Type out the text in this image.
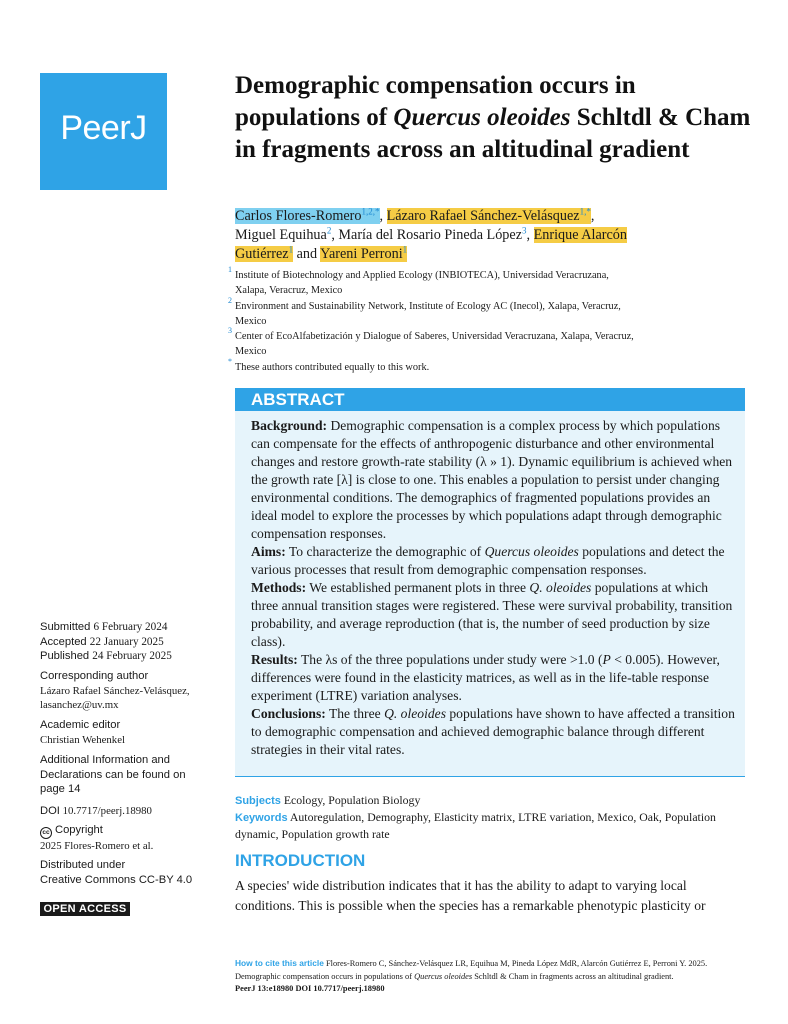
PeerJ
Demographic compensation occurs in populations of Quercus oleoides Schltdl & Cham in fragments across an altitudinal gradient
Carlos Flores-Romero$^{1,2,*}$, Lázaro Rafael Sánchez-Velásquez$^{1,*}$,
Miguel Equihua$^2$, María del Rosario Pineda López$^3$, Enrique Alarcón
Gutiérrez$^1$ and Yareni Perroni$^1$
1
Institute of Biotechnology and Applied Ecology (INBIOTECA), Universidad Veracruzana,
Xalapa, Veracruz, Mexico
2
Environment and Sustainability Network, Institute of Ecology AC (Inecol), Xalapa, Veracruz,
Mexico
3
Center of EcoAlfabetización y Dialogue of Saberes, Universidad Veracruzana, Xalapa, Veracruz,
Mexico
*
These authors contributed equally to this work.
ABSTRACT
Background: Demographic compensation is a complex process by which populations can compensate for the effects of anthropogenic disturbance and other environmental changes and restore growth-rate stability (λ » 1). Dynamic equilibrium is achieved when the growth rate [λ] is close to one. This enables a population to persist under changing environmental conditions. The demographics of fragmented populations provides an ideal model to explore the processes by which populations adapt through demographic compensation responses.
Aims: To characterize the demographic of Quercus oleoides populations and detect the various processes that result from demographic compensation responses.
Methods: We established permanent plots in three Q. oleoides populations at which three annual transition stages were registered. These were survival probability, transition probability, and average reproduction (that is, the number of seed production by size class).
Results: The λs of the three populations under study were >1.0 (P < 0.005). However, differences were found in the elasticity matrices, as well as in the life-table response experiment (LTRE) variation analyses.
Conclusions: The three Q. oleoides populations have shown to have affected a transition to demographic compensation and achieved demographic balance through different strategies in their vital rates.
Subjects Ecology, Population Biology
Keywords Autoregulation, Demography, Elasticity matrix, LTRE variation, Mexico, Oak, Population dynamic, Population growth rate
INTRODUCTION

A species' wide distribution indicates that it has the ability to adapt to varying local conditions. This is possible when the species has a remarkable phenotypic plasticity or

Submitted 6 February 2024
Accepted 22 January 2025
Published 24 February 2025
Corresponding author
Lázaro Rafael Sánchez-Velásquez,
lasanchez@uv.mx
Academic editor
Christian Wehenkel
Additional Information and
Declarations can be found on
page 14
DOI 10.7717/peerj.18980
cc Copyright
2025 Flores-Romero et al.
Distributed under
Creative Commons CC-BY 4.0
OPEN ACCESS
How to cite this article Flores-Romero C, Sánchez-Velásquez LR, Equihua M, Pineda López MdR, Alarcón Gutiérrez E, Perroni Y. 2025.
Demographic compensation occurs in populations of Quercus oleoides Schltdl & Cham in fragments across an altitudinal gradient.
PeerJ 13:e18980 DOI 10.7717/peerj.18980
